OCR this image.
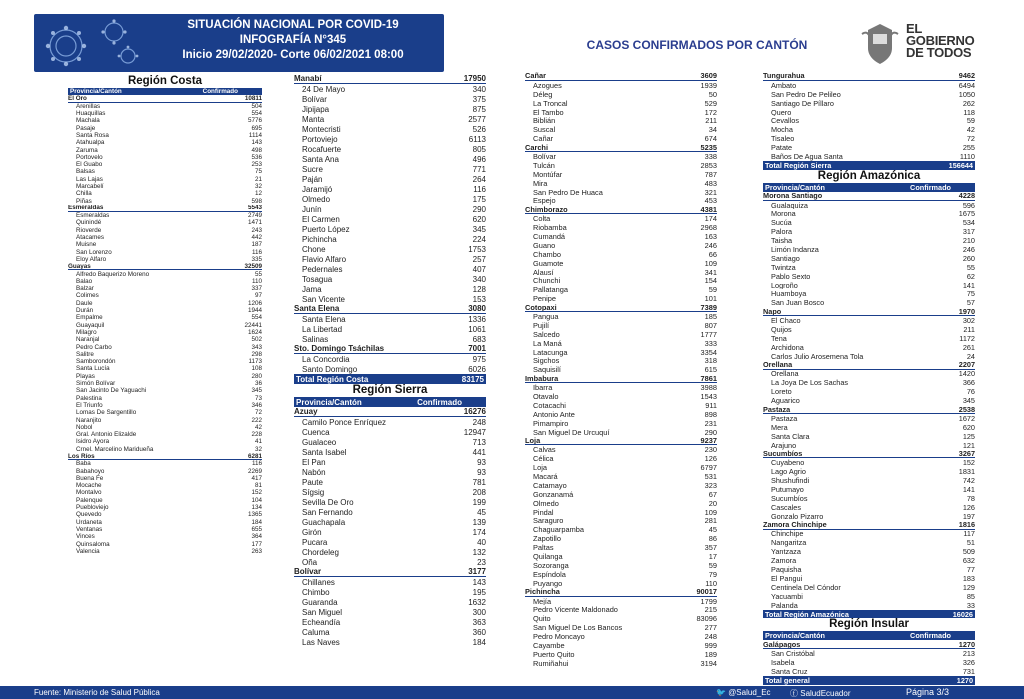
SITUACIÓN NACIONAL POR COVID-19
INFOGRAFÍA N°345
Inicio 29/02/2020- Corte 06/02/2021 08:00
CASOS CONFIRMADOS POR CANTÓN
EL
GOBIERNO
DE TODOS
Región Costa
Provincia/Cantón	Confirmado
El Oro	10811
Arenillas	504
Huaquillas	554
Machala	5776
Pasaje	695
Santa Rosa	1114
Atahualpa	143
Zaruma	498
Portovelo	536
El Guabo	253
Balsas	75
Las Lajas	21
Marcabelí	32
Chilla	12
Piñas	598
Esmeraldas	5543
Esmeraldas	2749
Quinindé	1471
Rioverde	243
Atacames	442
Muisne	187
San Lorenzo	116
Eloy Alfaro	335
Guayas	32509
Alfredo Baquerizo Moreno	55
Balao	110
Balzar	337
Colimes	97
Daule	1206
Durán	1944
Empalme	554
Guayaquil	22441
Milagro	1624
Naranjal	502
Pedro Carbo	343
Salitre	298
Samborondón	1173
Santa Lucía	108
Playas	280
Simón Bolívar	36
San Jacinto De Yaguachi	345
Palestina	73
El Triunfo	346
Lomas De Sargentillo	72
Naranjito	222
Nobol	42
Gral. Antonio Elizalde	228
Isidro Ayora	41
Crnel. Marcelino Maridueña	32
Los Ríos	6281
Baba	116
Babahoyo	2269
Buena Fe	417
Mocache	81
Montalvo	152
Palenque	104
Puebloviejo	134
Quevedo	1365
Urdaneta	184
Ventanas	655
Vinces	364
Quinsaloma	177
Valencia	263
Manabí	17950
24 De Mayo	340
Bolívar	375
Jipijapa	875
Manta	2577
Montecristi	526
Portoviejo	6113
Rocafuerte	805
Santa Ana	496
Sucre	771
Paján	264
Jaramijó	116
Olmedo	175
Junín	290
El Carmen	620
Puerto López	345
Pichincha	224
Chone	1753
Flavio Alfaro	257
Pedernales	407
Tosagua	340
Jama	128
San Vicente	153
Santa Elena	3080
Santa Elena	1336
La Libertad	1061
Salinas	683
Sto. Domingo Tsáchilas	7001
La Concordia	975
Santo Domingo	6026
Total Región Costa	83175
Región Sierra
Provincia/Cantón	Confirmado
Azuay	16276
Camilo Ponce Enríquez	248
Cuenca	12947
Gualaceo	713
Santa Isabel	441
El Pan	93
Nabón	93
Paute	781
Sígsig	208
Sevilla De Oro	199
San Fernando	45
Guachapala	139
Girón	174
Pucara	40
Chordeleg	132
Oña	23
Bolívar	3177
Chillanes	143
Chimbo	195
Guaranda	1632
San Miguel	300
Echeandía	363
Caluma	360
Las Naves	184
Cañar	3609
Azogues	1939
Déleg	50
La Troncal	529
El Tambo	172
Biblián	211
Suscal	34
Cañar	674
Carchi	5235
Bolívar	338
Tulcán	2853
Montúfar	787
Mira	483
San Pedro De Huaca	321
Espejo	453
Chimborazo	4381
Colta	174
Riobamba	2968
Cumandá	163
Guano	246
Chambo	66
Guamote	109
Alausí	341
Chunchi	154
Pallatanga	59
Penipe	101
Cotopaxi	7389
Pangua	185
Pujilí	807
Salcedo	1777
La Maná	333
Latacunga	3354
Sigchos	318
Saquisilí	615
Imbabura	7861
Ibarra	3988
Otavalo	1543
Cotacachi	911
Antonio Ante	898
Pimampiro	231
San Miguel De Urcuquí	290
Loja	9237
Calvas	230
Célica	126
Loja	6797
Macará	531
Catamayo	323
Gonzanamá	67
Olmedo	20
Pindal	109
Saraguro	281
Chaguarpamba	45
Zapotillo	86
Paltas	357
Quilanga	17
Sozoranga	59
Espíndola	79
Puyango	110
Pichincha	90017
Mejía	1799
Pedro Vicente Maldonado	215
Quito	83096
San Miguel De Los Bancos	277
Pedro Moncayo	248
Cayambe	999
Puerto Quito	189
Rumiñahui	3194
Tungurahua	9462
Ambato	6494
San Pedro De Pelileo	1050
Santiago De Píllaro	262
Quero	118
Cevallos	59
Mocha	42
Tisaleo	72
Patate	255
Baños De Agua Santa	1110
Total Región Sierra	156644
Región Amazónica
Provincia/Cantón	Confirmado
Morona Santiago	4228
Gualaquiza	596
Morona	1675
Sucúa	534
Palora	317
Taisha	210
Limón Indanza	246
Santiago	260
Twintza	55
Pablo Sexto	62
Logroño	141
Huamboya	75
San Juan Bosco	57
Napo	1970
El Chaco	302
Quijos	211
Tena	1172
Archidona	261
Carlos Julio Arosemena Tola	24
Orellana	2207
Orellana	1420
La Joya De Los Sachas	366
Loreto	76
Aguarico	345
Pastaza	2538
Pastaza	1672
Mera	620
Santa Clara	125
Arajuno	121
Sucumbíos	3267
Cuyabeno	152
Lago Agrio	1831
Shushufindi	742
Putumayo	141
Sucumbíos	78
Cascales	126
Gonzalo Pizarro	197
Zamora Chinchipe	1816
Chinchipe	117
Nangaritza	51
Yantzaza	509
Zamora	632
Paquisha	77
El Pangui	183
Centinela Del Cóndor	129
Yacuambi	85
Palanda	33
Total Región Amazónica	16026
Región Insular
Provincia/Cantón	Confirmado
Galápagos	1270
San Cristóbal	213
Isabela	326
Santa Cruz	731
Total general	1270
Fuente: Ministerio de Salud Pública	🐦 @Salud_Ec ⓕ SaludEcuador	Página 3/3
